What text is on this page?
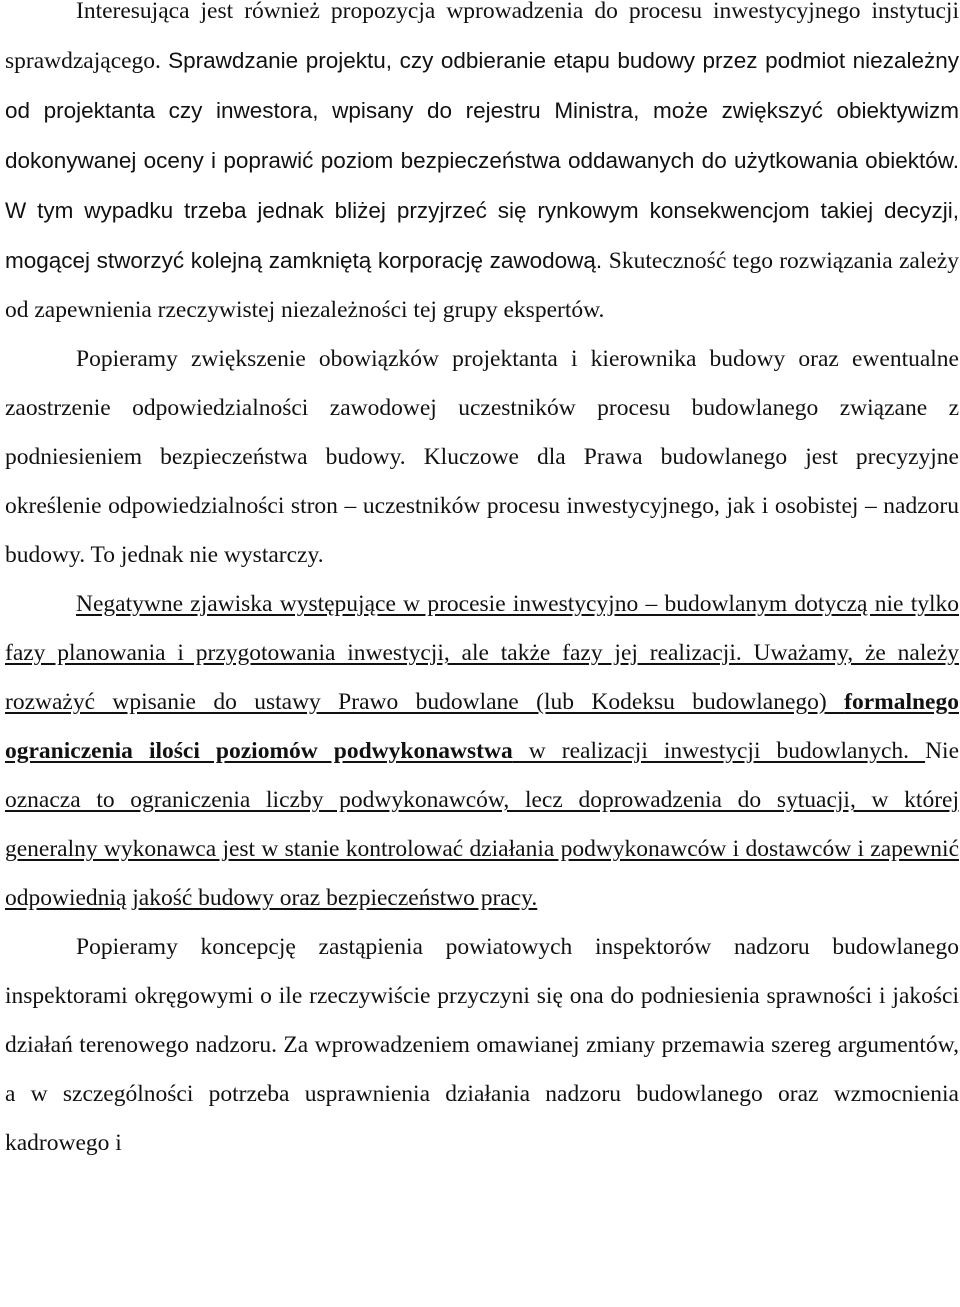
Interesująca jest również propozycja wprowadzenia do procesu inwestycyjnego instytucji sprawdzającego. Sprawdzanie projektu, czy odbieranie etapu budowy przez podmiot niezależny od projektanta czy inwestora, wpisany do rejestru Ministra, może zwiększyć obiektywizm dokonywanej oceny i poprawić poziom bezpieczeństwa oddawanych do użytkowania obiektów. W tym wypadku trzeba jednak bliżej przyjrzeć się rynkowym konsekwencjom takiej decyzji, mogącej stworzyć kolejną zamkniętą korporację zawodową. Skuteczność tego rozwiązania zależy od zapewnienia rzeczywistej niezależności tej grupy ekspertów.

Popieramy zwiększenie obowiązków projektanta i kierownika budowy oraz ewentualne zaostrzenie odpowiedzialności zawodowej uczestników procesu budowlanego związane z podniesieniem bezpieczeństwa budowy. Kluczowe dla Prawa budowlanego jest precyzyjne określenie odpowiedzialności stron – uczestników procesu inwestycyjnego, jak i osobistej – nadzoru budowy. To jednak nie wystarczy.

Negatywne zjawiska występujące w procesie inwestycyjno – budowlanym dotyczą nie tylko fazy planowania i przygotowania inwestycji, ale także fazy jej realizacji. Uważamy, że należy rozważyć wpisanie do ustawy Prawo budowlane (lub Kodeksu budowlanego) formalnego ograniczenia ilości poziomów podwykonawstwa w realizacji inwestycji budowlanych. Nie oznacza to ograniczenia liczby podwykonawców, lecz doprowadzenia do sytuacji, w której generalny wykonawca jest w stanie kontrolować działania podwykonawców i dostawców i zapewnić odpowiednią jakość budowy oraz bezpieczeństwo pracy.

Popieramy koncepcję zastąpienia powiatowych inspektorów nadzoru budowlanego inspektorami okręgowymi o ile rzeczywiście przyczyni się ona do podniesienia sprawności i jakości działań terenowego nadzoru. Za wprowadzeniem omawianej zmiany przemawia szereg argumentów, a w szczególności potrzeba usprawnienia działania nadzoru budowlanego oraz wzmocnienia kadrowego i
